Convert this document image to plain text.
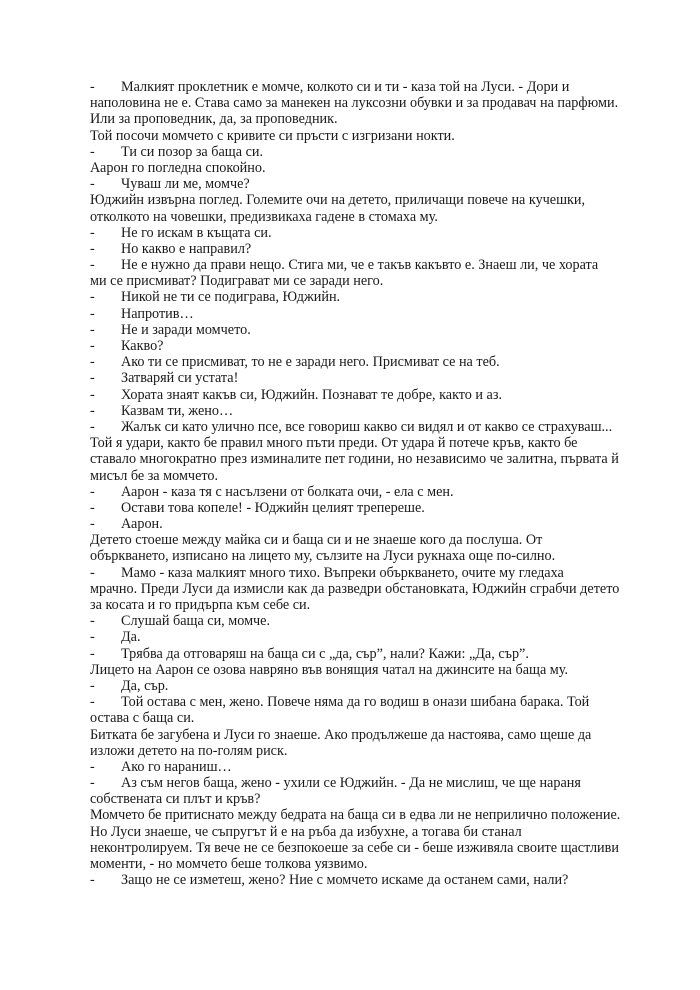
- Малкият проклетник е момче, колкото си и ти - каза той на Луси. - Дори и
наполовина не е. Става само за манекен на луксозни обувки и за продавач на парфюми.
Или за проповедник, да, за проповедник.
Той посочи момчето с кривите си пръсти с изгризани нокти.
- Ти си позор за баща си.
Аарон го погледна спокойно.
- Чуваш ли ме, момче?
Юджийн извърна поглед. Големите очи на детето, приличащи повече на кучешки,
отколкото на човешки, предизвикаха гадене в стомаха му.
- Не го искам в къщата си.
- Но какво е направил?
- Не е нужно да прави нещо. Стига ми, че е такъв какъвто е. Знаеш ли, че хората
ми се присмиват? Подиграват ми се заради него.
- Никой не ти се подиграва, Юджийн.
- Напротив…
- Не и заради момчето.
- Какво?
- Ако ти се присмиват, то не е заради него. Присмиват се на теб.
- Затваряй си устата!
- Хората знаят какъв си, Юджийн. Познават те добре, както и аз.
- Казвам ти, жено…
- Жалък си като улично псе, все говориш какво си видял и от какво се страхуваш...
Той я удари, както бе правил много пъти преди. От удара й потече кръв, както бе
ставало многократно през изминалите пет години, но независимо че залитна, първата й
мисъл бе за момчето.
- Аарон - каза тя с насълзени от болката очи, - ела с мен.
- Остави това копеле! - Юджийн целият трепереше.
- Аарон.
Детето стоеше между майка си и баща си и не знаеше кого да послуша. От
объркването, изписано на лицето му, сълзите на Луси рукнаха още по-силно.
- Мамо - каза малкият много тихо. Въпреки объркването, очите му гледаха
мрачно. Преди Луси да измисли как да разведри обстановката, Юджийн сграбчи детето
за косата и го придърпа към себе си.
- Слушай баща си, момче.
- Да.
- Трябва да отговаряш на баща си с „да, сър”, нали? Кажи: „Да, сър”.
Лицето на Аарон се озова навряно във вонящия чатал на джинсите на баща му.
- Да, сър.
- Той остава с мен, жено. Повече няма да го водиш в онази шибана барака. Той
остава с баща си.
Битката бе загубена и Луси го знаеше. Ако продължеше да настоява, само щеше да
изложи детето на по-голям риск.
- Ако го нараниш…
- Аз съм негов баща, жено - ухили се Юджийн. - Да не мислиш, че ще нараня
собствената си плът и кръв?
Момчето бе притиснато между бедрата на баща си в едва ли не неприлично положение.
Но Луси знаеше, че съпругът й е на ръба да избухне, а тогава би станал
неконтролируем. Тя вече не се безпокоеше за себе си - беше изживяла своите щастливи
моменти, - но момчето беше толкова уязвимо.
- Защо не се изметеш, жено? Ние с момчето искаме да останем сами, нали?
